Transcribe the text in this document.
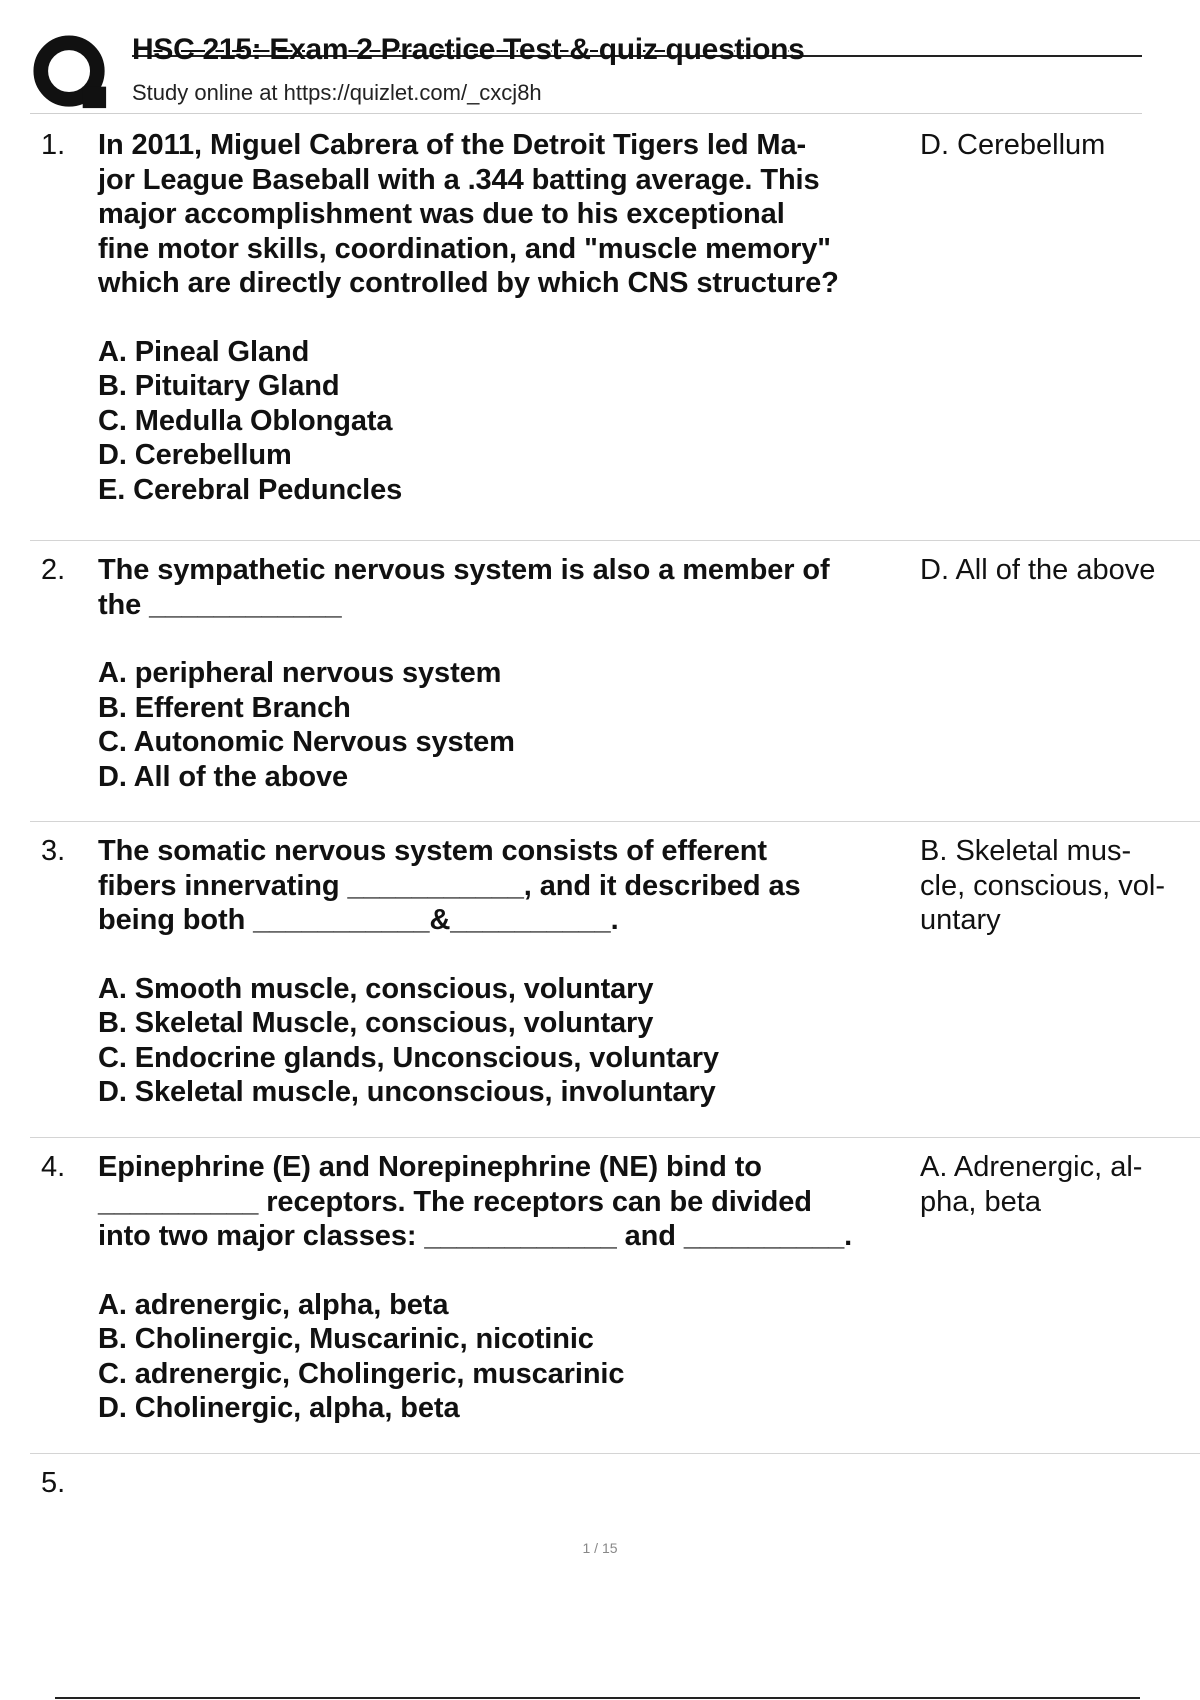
HSC 215: Exam 2 Practice Test & quiz questions
Study online at https://quizlet.com/_cxcj8h
1. In 2011, Miguel Cabrera of the Detroit Tigers led Ma-
jor League Baseball with a .344 batting average. This
major accomplishment was due to his exceptional
fine motor skills, coordination, and "muscle memory"
which are directly controlled by which CNS structure?
A. Pineal Gland
B. Pituitary Gland
C. Medulla Oblongata
D. Cerebellum
E. Cerebral Peduncles
D. Cerebellum
2. The sympathetic nervous system is also a member of
the ____________
A. peripheral nervous system
B. Efferent Branch
C. Autonomic Nervous system
D. All of the above
D. All of the above
3. The somatic nervous system consists of efferent
fibers innervating ___________, and it described as
being both ___________&__________.
A. Smooth muscle, conscious, voluntary
B. Skeletal Muscle, conscious, voluntary
C. Endocrine glands, Unconscious, voluntary
D. Skeletal muscle, unconscious, involuntary
B. Skeletal mus-
cle, conscious, vol-
untary
4. Epinephrine (E) and Norepinephrine (NE) bind to
__________ receptors. The receptors can be divided
into two major classes: ____________ and __________.
A. adrenergic, alpha, beta
B. Cholinergic, Muscarinic, nicotinic
C. adrenergic, Cholingeric, muscarinic
D. Cholinergic, alpha, beta
A. Adrenergic, al-
pha, beta
5.
1 / 15
